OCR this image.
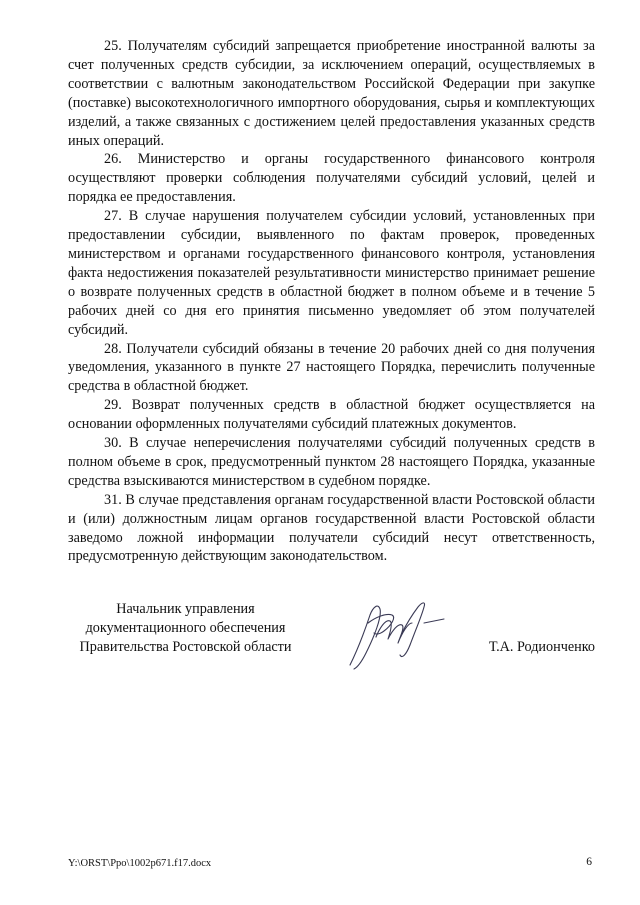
25. Получателям субсидий запрещается приобретение иностранной валюты за счет полученных средств субсидии, за исключением операций, осуществляемых в соответствии с валютным законодательством Российской Федерации при закупке (поставке) высокотехнологичного импортного оборудования, сырья и комплектующих изделий, а также связанных с достижением целей предоставления указанных средств иных операций.

26. Министерство и органы государственного финансового контроля осуществляют проверки соблюдения получателями субсидий условий, целей и порядка ее предоставления.

27. В случае нарушения получателем субсидии условий, установленных при предоставлении субсидии, выявленного по фактам проверок, проведенных министерством и органами государственного финансового контроля, установления факта недостижения показателей результативности министерство принимает решение о возврате полученных средств в областной бюджет в полном объеме и в течение 5 рабочих дней со дня его принятия письменно уведомляет об этом получателей субсидий.

28. Получатели субсидий обязаны в течение 20 рабочих дней со дня получения уведомления, указанного в пункте 27 настоящего Порядка, перечислить полученные средства в областной бюджет.

29. Возврат полученных средств в областной бюджет осуществляется на основании оформленных получателями субсидий платежных документов.

30. В случае неперечисления получателями субсидий полученных средств в полном объеме в срок, предусмотренный пунктом 28 настоящего Порядка, указанные средства взыскиваются министерством в судебном порядке.

31. В случае представления органам государственной власти Ростовской области и (или) должностным лицам органов государственной власти Ростовской области заведомо ложной информации получатели субсидий несут ответственность, предусмотренную действующим законодательством.

Начальник управления
документационного обеспечения
Правительства Ростовской области	Т.А. Родионченко
Y:\ORST\Ppo\1002p671.f17.docx	6
